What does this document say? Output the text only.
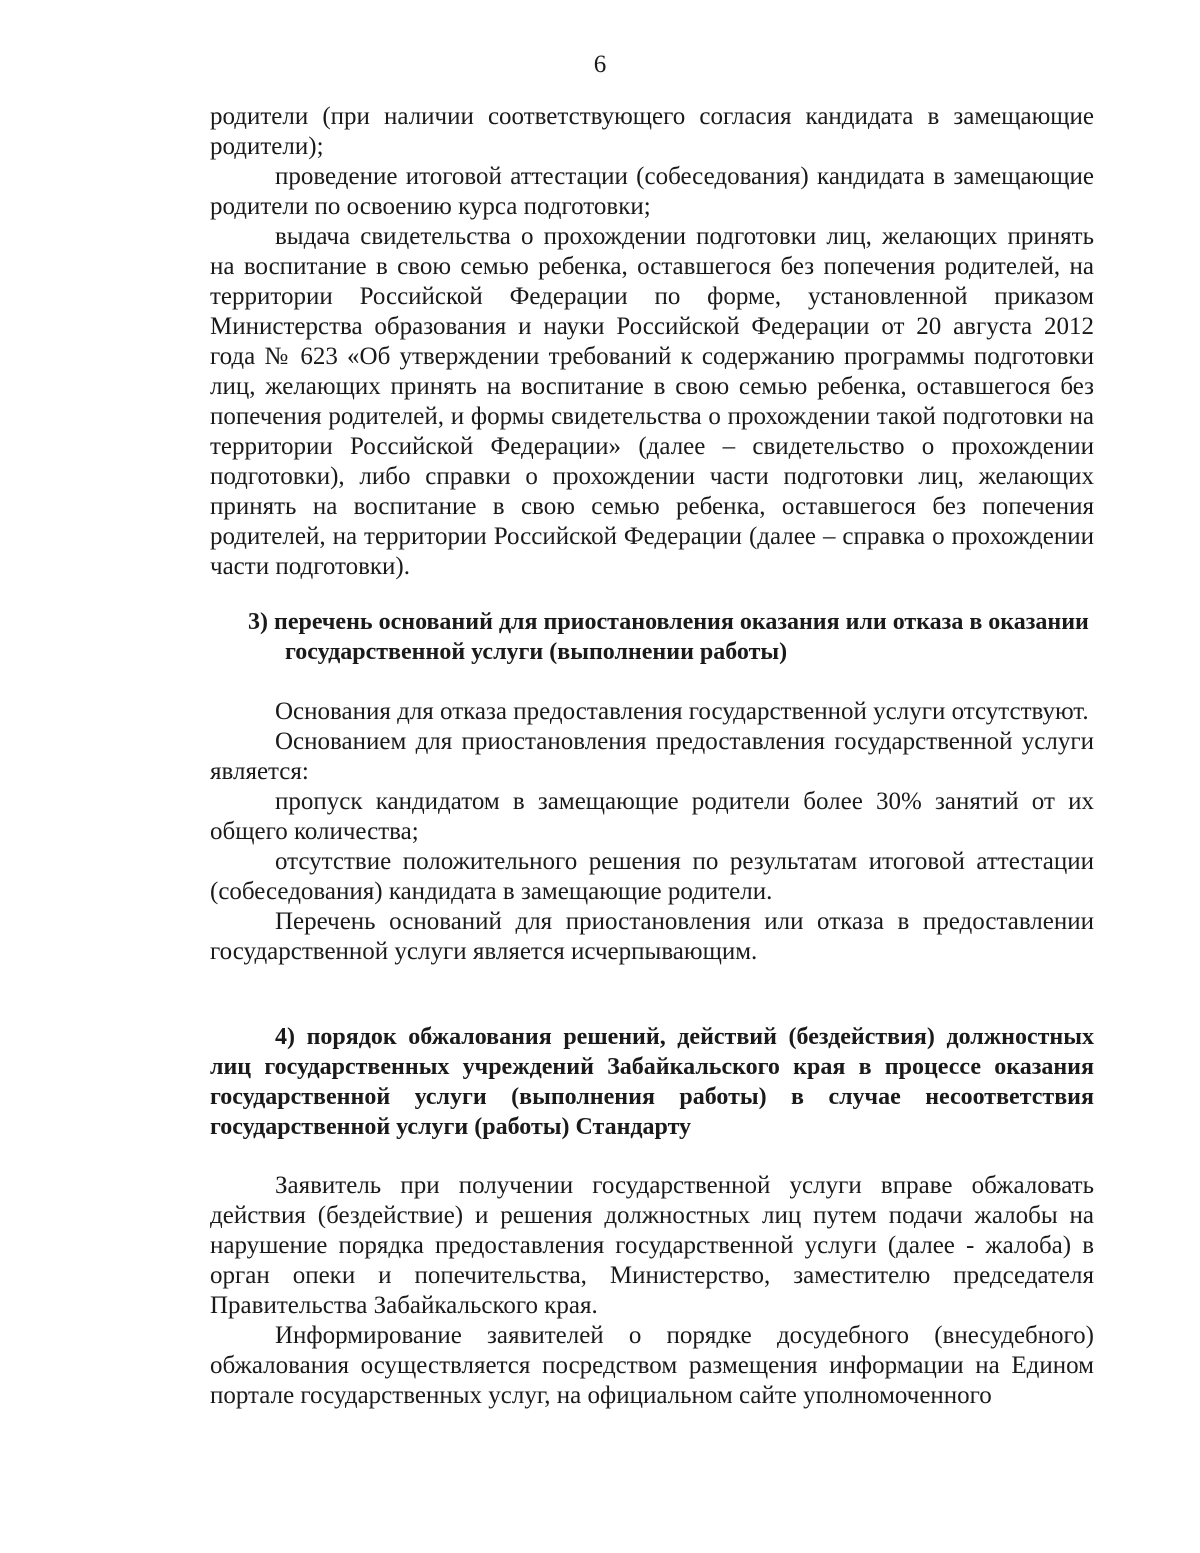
6

родители (при наличии соответствующего согласия кандидата в замещающие родители);

проведение итоговой аттестации (собеседования) кандидата в замещающие родители по освоению курса подготовки;

выдача свидетельства о прохождении подготовки лиц, желающих принять на воспитание в свою семью ребенка, оставшегося без попечения родителей, на территории Российской Федерации по форме, установленной приказом Министерства образования и науки Российской Федерации от 20 августа 2012 года № 623 «Об утверждении требований к содержанию программы подготовки лиц, желающих принять на воспитание в свою семью ребенка, оставшегося без попечения родителей, и формы свидетельства о прохождении такой подготовки на территории Российской Федерации» (далее – свидетельство о прохождении подготовки), либо справки о прохождении части подготовки лиц, желающих принять на воспитание в свою семью ребенка, оставшегося без попечения родителей, на территории Российской Федерации (далее – справка о прохождении части подготовки).

3) перечень оснований для приостановления оказания или отказа в оказании государственной услуги (выполнении работы)

Основания для отказа предоставления государственной услуги отсутствуют.

Основанием для приостановления предоставления государственной услуги является:

пропуск кандидатом в замещающие родители более 30% занятий от их общего количества;

отсутствие положительного решения по результатам итоговой аттестации (собеседования) кандидата в замещающие родители.

Перечень оснований для приостановления или отказа в предоставлении государственной услуги является исчерпывающим.

4) порядок обжалования решений, действий (бездействия) должностных лиц государственных учреждений Забайкальского края в процессе оказания государственной услуги (выполнения работы) в случае несоответствия государственной услуги (работы) Стандарту

Заявитель при получении государственной услуги вправе обжаловать действия (бездействие) и решения должностных лиц путем подачи жалобы на нарушение порядка предоставления государственной услуги (далее - жалоба) в орган опеки и попечительства, Министерство, заместителю председателя Правительства Забайкальского края.

Информирование заявителей о порядке досудебного (внесудебного) обжалования осуществляется посредством размещения информации на Едином портале государственных услуг, на официальном сайте уполномоченного
